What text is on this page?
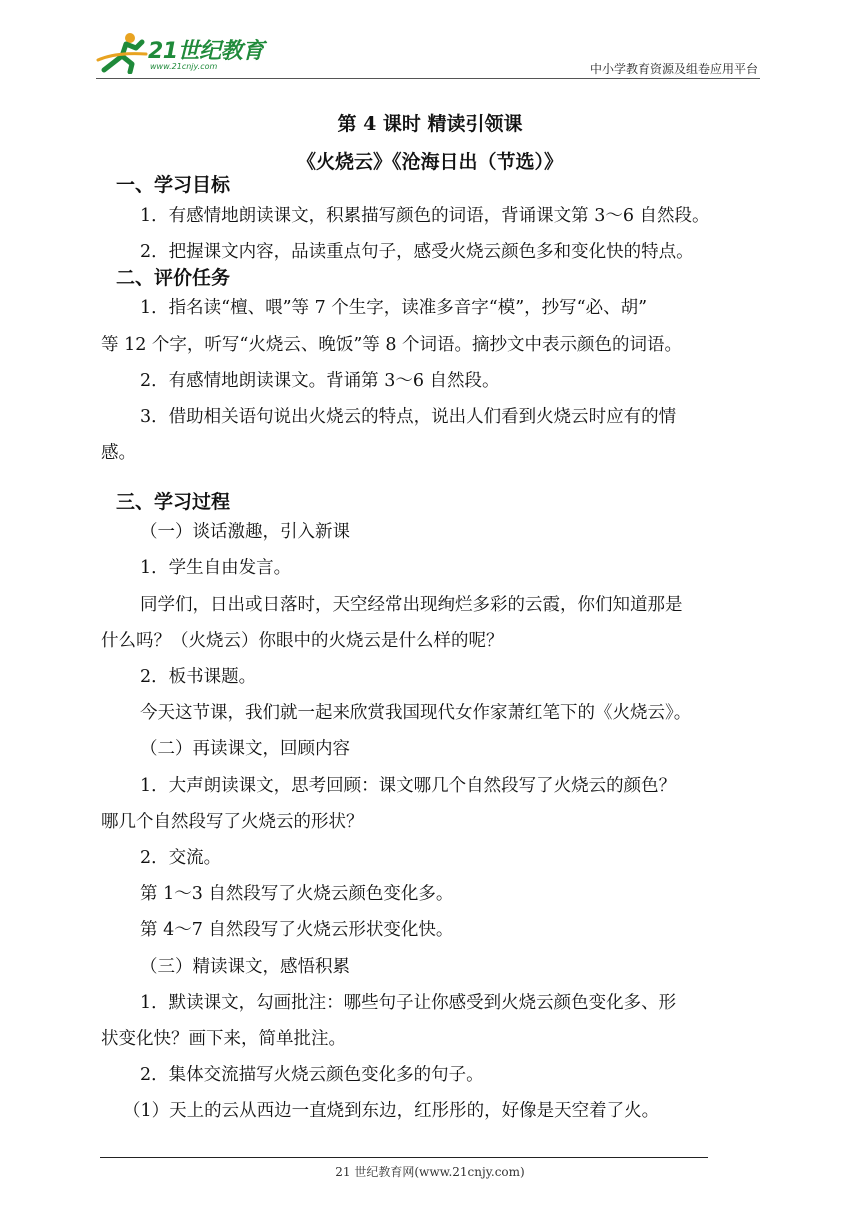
21世纪教育
www.21cnjy.com	中小学教育资源及组卷应用平台
第 4 课时 精读引领课
《火烧云》《沧海日出（节选）》
一、学习目标
1．有感情地朗读课文，积累描写颜色的词语，背诵课文第 3～6 自然段。
2．把握课文内容，品读重点句子，感受火烧云颜色多和变化快的特点。
二、评价任务
1．指名读“檀、喂”等 7 个生字，读准多音字“模”，抄写“必、胡”
等 12 个字，听写“火烧云、晚饭”等 8 个词语。摘抄文中表示颜色的词语。
2．有感情地朗读课文。背诵第 3～6 自然段。
3．借助相关语句说出火烧云的特点，说出人们看到火烧云时应有的情
感。
三、学习过程
（一）谈话激趣，引入新课
1．学生自由发言。
同学们，日出或日落时，天空经常出现绚烂多彩的云霞，你们知道那是
什么吗？（火烧云）你眼中的火烧云是什么样的呢？
2．板书课题。
今天这节课，我们就一起来欣赏我国现代女作家萧红笔下的《火烧云》。
（二）再读课文，回顾内容
1．大声朗读课文，思考回顾：课文哪几个自然段写了火烧云的颜色？
哪几个自然段写了火烧云的形状？
2．交流。
第 1～3 自然段写了火烧云颜色变化多。
第 4～7 自然段写了火烧云形状变化快。
（三）精读课文，感悟积累
1．默读课文，勾画批注：哪些句子让你感受到火烧云颜色变化多、形
状变化快？画下来，简单批注。
2．集体交流描写火烧云颜色变化多的句子。
（1）天上的云从西边一直烧到东边，红彤彤的，好像是天空着了火。
21 世纪教育网(www.21cnjy.com)
